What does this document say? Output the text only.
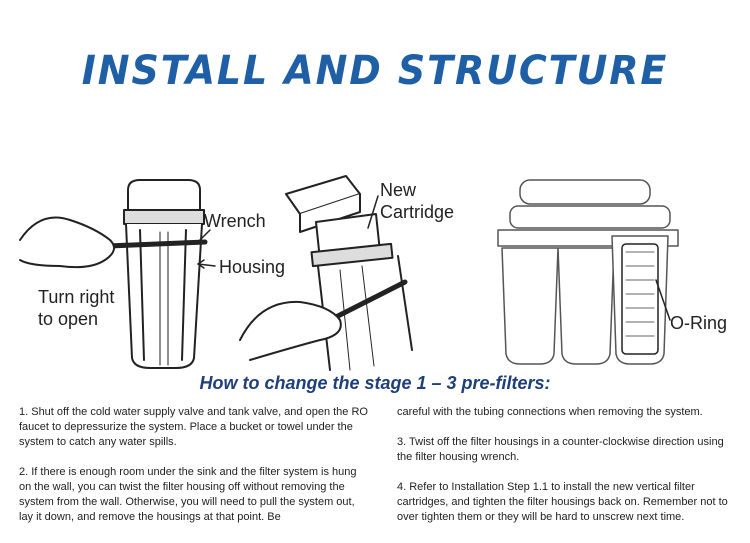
INSTALL AND STRUCTURE
Wrench
Housing
Turn right
to open
New
Cartridge
O-Ring
How to change the stage 1 – 3 pre-filters:

1. Shut off the cold water supply valve and tank valve, and open the RO faucet to depressurize the system. Place a bucket or towel under the system to catch any water spills.

2. If there is enough room under the sink and the filter system is hung on the wall, you can twist the filter housing off without removing the system from the wall. Otherwise, you will need to pull the system out, lay it down, and remove the housings at that point. Be

careful with the tubing connections when removing the system.

3. Twist off the filter housings in a counter-clockwise direction using the filter housing wrench.

4. Refer to Installation Step 1.1 to install the new vertical filter cartridges, and tighten the filter housings back on. Remember not to over tighten them or they will be hard to unscrew next time.
